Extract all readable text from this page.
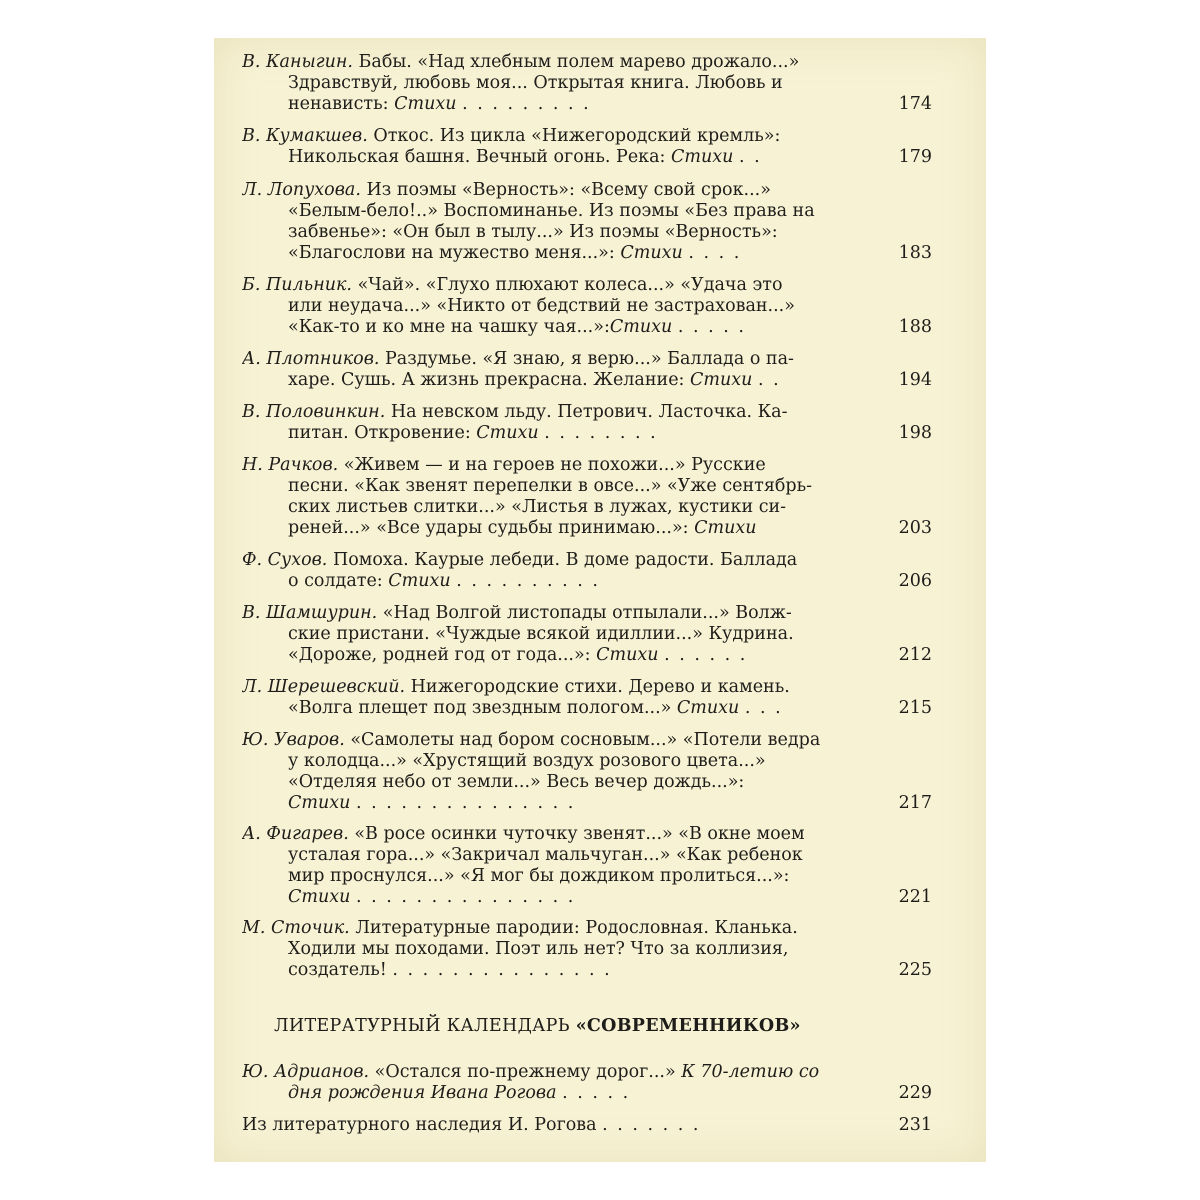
В. Каныгин. Бабы. «Над хлебным полем марево дрожало...»
Здравствуй, любовь моя... Открытая книга. Любовь и
ненависть: Стихи . . . . . . . . .	174
В. Кумакшев. Откос. Из цикла «Нижегородский кремль»:
Никольская башня. Вечный огонь. Река: Стихи . .	179
Л. Лопухова. Из поэмы «Верность»: «Всему свой срок...»
«Белым-бело!..» Воспоминанье. Из поэмы «Без права на
забвенье»: «Он был в тылу...» Из поэмы «Верность»:
«Благослови на мужество меня...»: Стихи . . . .	183
Б. Пильник. «Чай». «Глухо плюхают колеса...» «Удача это
или неудача...» «Никто от бедствий не застрахован...»
«Как-то и ко мне на чашку чая...»:Стихи . . . . .	188
А. Плотников. Раздумье. «Я знаю, я верю...» Баллада о па-
харе. Сушь. А жизнь прекрасна. Желание: Стихи . .	194
В. Половинкин. На невском льду. Петрович. Ласточка. Ка-
питан. Откровение: Стихи . . . . . . . .	198
Н. Рачков. «Живем — и на героев не похожи...» Русские
песни. «Как звенят перепелки в овсе...» «Уже сентябрь-
ских листьев слитки...» «Листья в лужах, кустики си-
реней...» «Все удары судьбы принимаю...»: Стихи	203
Ф. Сухов. Помоха. Каурые лебеди. В доме радости. Баллада
о солдате: Стихи . . . . . . . . . .	206
В. Шамшурин. «Над Волгой листопады отпылали...» Волж-
ские пристани. «Чуждые всякой идиллии...» Кудрина.
«Дороже, родней год от года...»: Стихи . . . . . .	212
Л. Шерешевский. Нижегородские стихи. Дерево и камень.
«Волга плещет под звездным пологом...» Стихи . . .	215
Ю. Уваров. «Самолеты над бором сосновым...» «Потели ведра
у колодца...» «Хрустящий воздух розового цвета...»
«Отделяя небо от земли...» Весь вечер дождь...»:
Стихи . . . . . . . . . . . . . . .	217
А. Фигарев. «В росе осинки чуточку звенят...» «В окне моем
усталая гора...» «Закричал мальчуган...» «Как ребенок
мир проснулся...» «Я мог бы дождиком пролиться...»:
Стихи . . . . . . . . . . . . . . .	221
М. Сточик. Литературные пародии: Родословная. Кланька.
Ходили мы походами. Поэт иль нет? Что за коллизия,
создатель! . . . . . . . . . . . . . . .	225
ЛИТЕРАТУРНЫЙ КАЛЕНДАРЬ «СОВРЕМЕННИКОВ»
Ю. Адрианов. «Остался по-прежнему дорог...» К 70-летию со
дня рождения Ивана Рогова . . . . .	229
Из литературного наследия И. Рогова . . . . . . .	231
